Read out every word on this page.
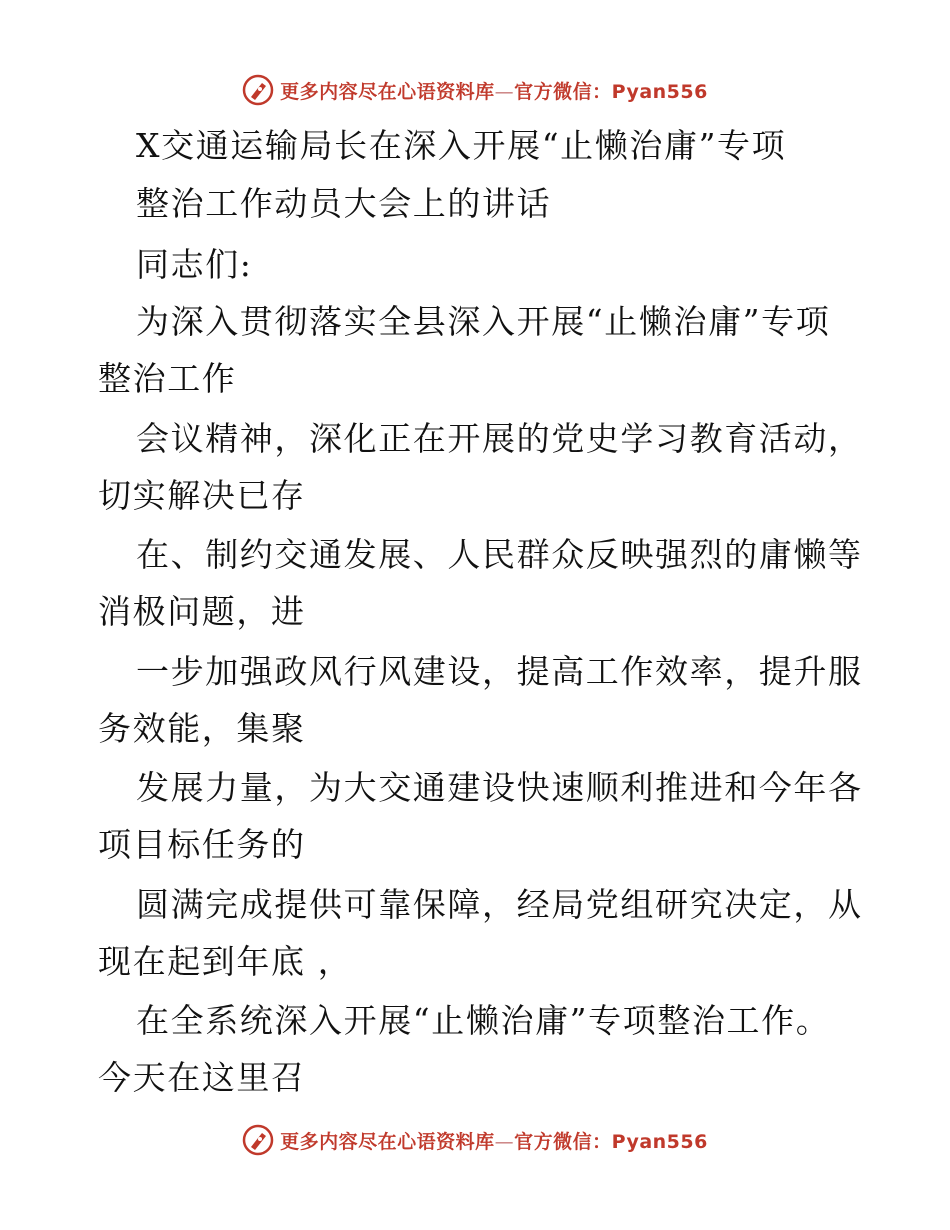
更多内容尽在心语资料库—官方微信：Pyan556
X交通运输局长在深入开展“止懒治庸”专项
整治工作动员大会上的讲话
同志们:
为深入贯彻落实全县深入开展“止懒治庸”专项
整治工作
会议精神，深化正在开展的党史学习教育活动，
切实解决已存
在、制约交通发展、人民群众反映强烈的庸懒等
消极问题，进
一步加强政风行风建设，提高工作效率，提升服
务效能，集聚
发展力量，为大交通建设快速顺利推进和今年各
项目标任务的
圆满完成提供可靠保障，经局党组研究决定，从
现在起到年底 ，
在全系统深入开展“止懒治庸”专项整治工作。
今天在这里召
更多内容尽在心语资料库—官方微信：Pyan556
